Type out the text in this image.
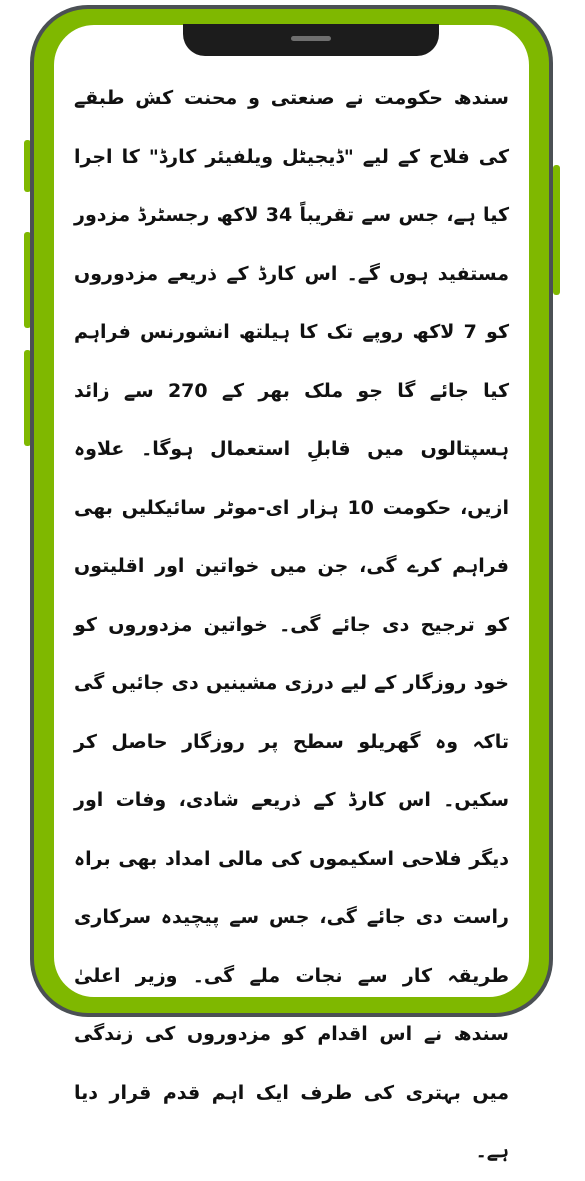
سندھ حکومت نے صنعتی و محنت کش طبقے کی فلاح کے لیے "ڈیجیٹل ویلفیئر کارڈ" کا اجرا کیا ہے، جس سے تقریباً 34 لاکھ رجسٹرڈ مزدور مستفید ہوں گے۔ اس کارڈ کے ذریعے مزدوروں کو 7 لاکھ روپے تک کا ہیلتھ انشورنس فراہم کیا جائے گا جو ملک بھر کے 270 سے زائد ہسپتالوں میں قابلِ استعمال ہوگا۔ علاوہ ازیں، حکومت 10 ہزار ای-موٹر سائیکلیں بھی فراہم کرے گی، جن میں خواتین اور اقلیتوں کو ترجیح دی جائے گی۔ خواتین مزدوروں کو خود روزگار کے لیے درزی مشینیں دی جائیں گی تاکہ وہ گھریلو سطح پر روزگار حاصل کر سکیں۔ اس کارڈ کے ذریعے شادی، وفات اور دیگر فلاحی اسکیموں کی مالی امداد بھی براہ راست دی جائے گی، جس سے پیچیدہ سرکاری طریقہ کار سے نجات ملے گی۔ وزیر اعلیٰ سندھ نے اس اقدام کو مزدوروں کی زندگی میں بہتری کی طرف ایک اہم قدم قرار دیا ہے۔
